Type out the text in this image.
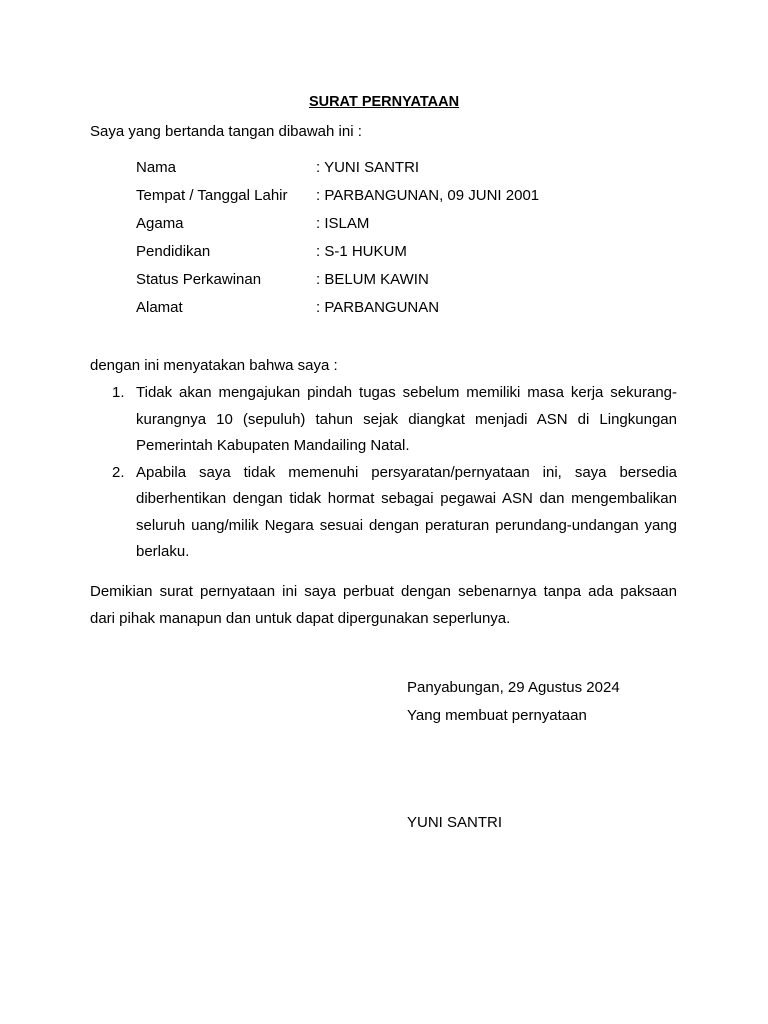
SURAT PERNYATAAN
Saya yang bertanda tangan dibawah ini :
Nama	: YUNI SANTRI
Tempat / Tanggal Lahir : PARBANGUNAN, 09 JUNI 2001
Agama	: ISLAM
Pendidikan	: S-1 HUKUM
Status Perkawinan	: BELUM KAWIN
Alamat	: PARBANGUNAN
dengan ini menyatakan bahwa saya :
1. Tidak akan mengajukan pindah tugas sebelum memiliki masa kerja sekurang-kurangnya 10 (sepuluh) tahun sejak diangkat menjadi ASN di Lingkungan Pemerintah Kabupaten Mandailing Natal.
2. Apabila saya tidak memenuhi persyaratan/pernyataan ini, saya bersedia diberhentikan dengan tidak hormat sebagai pegawai ASN dan mengembalikan seluruh uang/milik Negara sesuai dengan peraturan perundang-undangan yang berlaku.
Demikian surat pernyataan ini saya perbuat dengan sebenarnya tanpa ada paksaan dari pihak manapun dan untuk dapat dipergunakan seperlunya.
Panyabungan, 29 Agustus 2024
Yang membuat pernyataan
YUNI SANTRI
